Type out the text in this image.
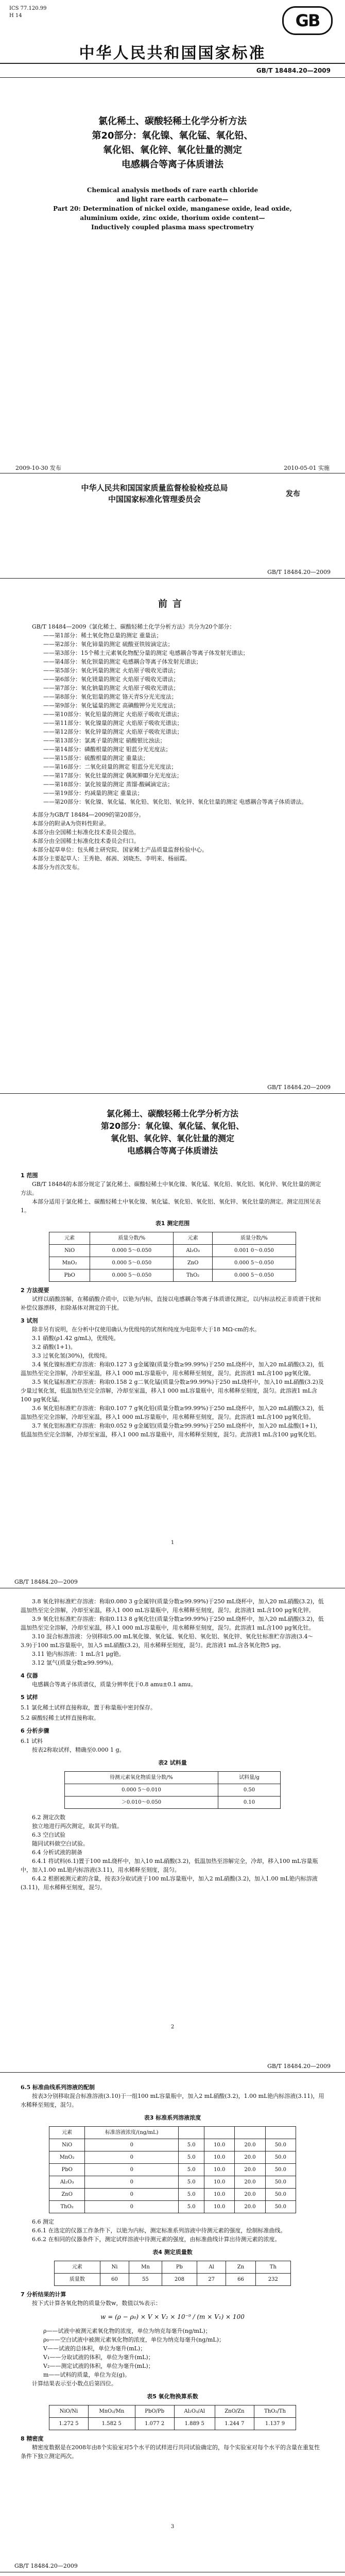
ICS 77.120.99
H 14	GB
中华人民共和国国家标准
GB/T 18484.20—2009
氯化稀土、碳酸轻稀土化学分析方法
第20部分：氧化镍、氧化锰、氧化铅、
氧化铝、氧化锌、氧化钍量的测定
电感耦合等离子体质谱法
Chemical analysis methods of rare earth chloride
and light rare earth carbonate—
Part 20: Determination of nickel oxide, manganese oxide, lead oxide,
aluminium oxide, zinc oxide, thorium oxide content—
Inductively coupled plasma mass spectrometry
2009-10-30 发布	2010-05-01 实施
中华人民共和国国家质量监督检验检疫总局
中国国家标准化管理委员会
发布
GB/T 18484.20—2009
前言

GB/T 18484—2009《氯化稀土、碳酸轻稀土化学分析方法》共分为20个部分：

——第1部分：稀土氧化物总量的测定 重量法；

——第2部分：氧化铈量的测定 硫酸亚铁铵滴定法；

——第3部分：15个稀土元素氧化物配分量的测定 电感耦合等离子体发射光谱法；

——第4部分：氧化钡量的测定 电感耦合等离子体发射光谱法；

——第5部分：氧化钙量的测定 火焰原子吸收光谱法；

——第6部分：氧化镁量的测定 火焰原子吸收光谱法；

——第7部分：氧化钠量的测定 火焰原子吸收光谱法；

——第8部分：氧化铝量的测定 铬天青S分光光度法；

——第9部分：氧化锰量的测定 高碘酸钾分光光度法；

——第10部分：氧化铅量的测定 火焰原子吸收光谱法；

——第11部分：氧化镍量的测定 火焰原子吸收光谱法；

——第12部分：氧化锌量的测定 火焰原子吸收光谱法；

——第13部分：氯离子量的测定 硝酸银比浊法；

——第14部分：磷酸根量的测定 钼蓝分光光度法；

——第15部分：硫酸根量的测定 重量法；

——第16部分：二氧化硅量的测定 钼蓝分光光度法；

——第17部分：氧化钍量的测定 偶氮胂Ⅲ分光光度法；

——第18部分：氯化铵量的测定 蒸馏-酸碱滴定法；

——第19部分：灼减量的测定 重量法；

——第20部分：氧化镍、氧化锰、氧化铅、氧化铝、氧化锌、氧化钍量的测定 电感耦合等离子体质谱法。

本部分为GB/T 18484—2009的第20部分。

本部分的附录A为资料性附录。

本部分由全国稀土标准化技术委员会提出。

本部分由全国稀土标准化技术委员会归口。

本部分起草单位：包头稀土研究院、国家稀土产品质量监督检验中心。

本部分主要起草人：王秀艳、郝茜、刘晓杰、李明来、杨丽霞。

本部分为首次发布。

GB/T 18484.20—2009
氯化稀土、碳酸轻稀土化学分析方法
第20部分：氧化镍、氧化锰、氧化铅、
氧化铝、氧化锌、氧化钍量的测定
电感耦合等离子体质谱法

1 范围

GB/T 18484的本部分规定了氯化稀土、碳酸轻稀土中氧化镍、氧化锰、氧化铅、氧化铝、氧化锌、氧化钍量的测定方法。

本部分适用于氯化稀土、碳酸轻稀土中氧化镍、氧化锰、氧化铅、氧化铝、氧化锌、氧化钍量的测定。测定范围见表1。

表1 测定范围
元素	质量分数/%	元素	质量分数/%
NiO	0.000 5～0.050	Al₂O₃	0.001 0～0.050
MnO₂	0.000 5～0.050	ZnO	0.000 5～0.050
PbO	0.000 5～0.050	ThO₂	0.000 5～0.050

2 方法提要

试样以硝酸溶解，在稀硝酸介质中，以铯为内标，直接以电感耦合等离子体质谱仪测定，以内标法校正非质谱干扰和补偿仪器漂移，扣除基体对测定的干扰。

3 试剂

除非另有说明，在分析中仅使用确认为优级纯的试剂和纯度为电阻率大于18 MΩ·cm的水。

3.1 硝酸(ρ1.42 g/mL)，优级纯。

3.2 硝酸(1+1)。

3.3 过氧化氢(30%)，优级纯。

3.4 氧化镍标准贮存溶液：称取0.127 3 g金属镍(质量分数≥99.99%)于250 mL烧杯中，加入20 mL硝酸(3.2)，低温加热至完全溶解，冷却至室温，移入1 000 mL容量瓶中，用水稀释至刻度，混匀。此溶液1 mL含100 μg氧化镍。

3.5 氧化锰标准贮存溶液：称取0.158 2 g二氧化锰(质量分数≥99.99%)于250 mL烧杯中，加入10 mL硝酸(3.2)及少量过氧化氢，低温加热至完全溶解，冷却至室温，移入1 000 mL容量瓶中，用水稀释至刻度，混匀。此溶液1 mL含100 μg氧化锰。

3.6 氧化铅标准贮存溶液：称取0.107 7 g氧化铅(质量分数≥99.99%)于250 mL烧杯中，加入20 mL硝酸(3.2)，低温加热至完全溶解，冷却至室温，移入1 000 mL容量瓶中，用水稀释至刻度，混匀。此溶液1 mL含100 μg氧化铅。

3.7 氧化铝标准贮存溶液：称取0.052 9 g金属铝(质量分数≥99.99%)于250 mL烧杯中，加入20 mL盐酸(1+1)，低温加热至完全溶解，冷却至室温，移入1 000 mL容量瓶中，用水稀释至刻度，混匀。此溶液1 mL含100 μg氧化铝。

1
GB/T 18484.20—2009

3.8 氧化锌标准贮存溶液：称取0.080 3 g金属锌(质量分数≥99.99%)于250 mL烧杯中，加入20 mL硝酸(3.2)，低温加热至完全溶解，冷却至室温，移入1 000 mL容量瓶中，用水稀释至刻度，混匀。此溶液1 mL含100 μg氧化锌。

3.9 氧化钍标准贮存溶液：称取0.113 8 g氧化钍(质量分数≥99.99%)于250 mL烧杯中，加入20 mL硝酸(3.2)，低温加热至完全溶解，冷却至室温，移入1 000 mL容量瓶中，用水稀释至刻度，混匀。此溶液1 mL含100 μg氧化钍。

3.10 混合标准溶液：分别移取5.00 mL氧化镍、氧化锰、氧化铅、氧化铝、氧化锌、氧化钍标准贮存溶液(3.4～3.9)于100 mL容量瓶中，加入5 mL硝酸(3.2)，用水稀释至刻度，混匀。此溶液1 mL含各氧化物5 μg。

3.11 铯内标溶液：1 mL含1 μg铯。

3.12 氩气(质量分数≥99.99%)。

4 仪器

电感耦合等离子体质谱仪，质量分辨率优于0.8 amu±0.1 amu。

5 试样

5.1 氯化稀土试样直接称取，置于称量瓶中密封保存。

5.2 碳酸轻稀土试样直接称取。

6 分析步骤

6.1 试料

按表2称取试样，精确至0.000 1 g。

表2 试料量
待测元素氧化物质量分数/%	试料量/g
0.000 5～0.010	0.50
＞0.010～0.050	0.10

6.2 测定次数

独立地进行两次测定，取其平均值。

6.3 空白试验

随同试料做空白试验。

6.4 分析试液的制备

6.4.1 将试料(6.1)置于100 mL烧杯中，加入10 mL硝酸(3.2)，低温加热至溶解完全，冷却，移入100 mL容量瓶中，加入1.00 mL铯内标溶液(3.11)，用水稀释至刻度，混匀。

6.4.2 根据被测元素的含量，按表3分取试液于100 mL容量瓶中，加入2 mL硝酸(3.2)，加入1.00 mL铯内标溶液(3.11)，用水稀释至刻度，混匀。

2
GB/T 18484.20—2009

6.5 标准曲线系列溶液的配制

按表3分别移取混合标准溶液(3.10)于一组100 mL容量瓶中，加入2 mL硝酸(3.2)，1.00 mL铯内标溶液(3.11)，用水稀释至刻度，混匀。

表3 标准系列溶液浓度
元素	标准溶液浓度/(ng/mL)				
NiO	0	5.0	10.0	20.0	50.0
MnO₂	0	5.0	10.0	20.0	50.0
PbO	0	5.0	10.0	20.0	50.0
Al₂O₃	0	5.0	10.0	20.0	50.0
ZnO	0	5.0	10.0	20.0	50.0
ThO₂	0	5.0	10.0	20.0	50.0

6.6 测定

6.6.1 在选定的仪器工作条件下，以铯为内标，测定标准系列溶液中待测元素的强度，绘制标准曲线。

6.6.2 在相同的仪器条件下，测定试样溶液中待测元素的强度，由标准曲线计算出待测元素的浓度。

表4 测定质量数
元素	Ni	Mn	Pb	Al	Zn	Th
质量数	60	55	208	27	66	232

7 分析结果的计算

按下式计算各氧化物的质量分数w，数值以%表示：

w = (ρ − ρ₀) × V × V₂ × 10⁻⁹ / (m × V₁) × 100

ρ——试液中被测元素氧化物的浓度，单位为纳克每毫升(ng/mL)；

ρ₀——空白试液中被测元素氧化物的浓度，单位为纳克每毫升(ng/mL)；

V——试液的总体积，单位为毫升(mL)；

V₁——分取试液的体积，单位为毫升(mL)；

V₂——测定试液的体积，单位为毫升(mL)；

m——试料的质量，单位为克(g)。

计算结果表示至小数点后第四位。

表5 氧化物换算系数
NiO/Ni	MnO₂/Mn	PbO/Pb	Al₂O₃/Al	ZnO/Zn	ThO₂/Th
1.272 5	1.582 5	1.077 2	1.889 5	1.244 7	1.137 9

8 精密度

精密度数据是在2008年由8个实验室对5个水平的试样进行共同试验确定的，每个实验室对每个水平的含量在重复性条件下独立测定两次。

3
GB/T 18484.20—2009
